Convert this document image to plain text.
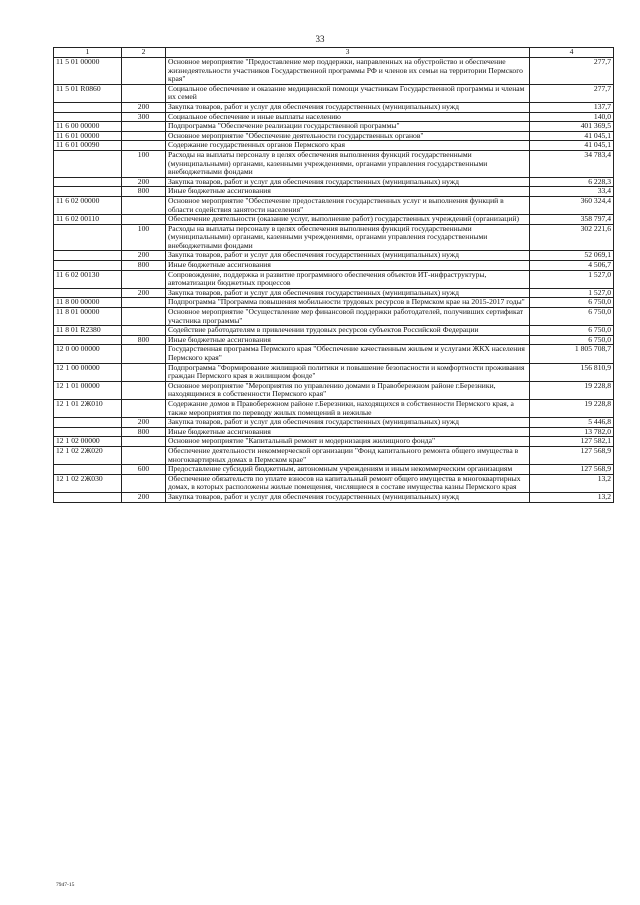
33
1	2	3	4
11 5 01 00000		Основное мероприятие "Предоставление мер поддержки, направленных на обустройство и обеспечение жизнедеятельности участников Государственной программы РФ и членов их семьи на территории Пермского края"	277,7
11 5 01 R0860		Социальное обеспечение и оказание медицинской помощи участникам Государственной программы и членам их семей	277,7
	200	Закупка товаров, работ и услуг для обеспечения государственных (муниципальных) нужд	137,7
	300	Социальное обеспечение и иные выплаты населению	140,0
11 6 00 00000		Подпрограмма "Обеспечение реализации государственной программы"	401 369,5
11 6 01 00000		Основное мероприятие "Обеспечение деятельности государственных органов"	41 045,1
11 6 01 00090		Содержание государственных органов Пермского края	41 045,1
	100	Расходы на выплаты персоналу в целях обеспечения выполнения функций государственными (муниципальными) органами, казенными учреждениями, органами управления государственными внебюджетными фондами	34 783,4
	200	Закупка товаров, работ и услуг для обеспечения государственных (муниципальных) нужд	6 228,3
	800	Иные бюджетные ассигнования	33,4
11 6 02 00000		Основное мероприятие "Обеспечение предоставления государственных услуг и выполнения функций в области содействия занятости населения"	360 324,4
11 6 02 00110		Обеспечение деятельности (оказание услуг, выполнение работ) государственных учреждений (организаций)	358 797,4
	100	Расходы на выплаты персоналу в целях обеспечения выполнения функций государственными (муниципальными) органами, казенными учреждениями, органами управления государственными внебюджетными фондами	302 221,6
	200	Закупка товаров, работ и услуг для обеспечения государственных (муниципальных) нужд	52 069,1
	800	Иные бюджетные ассигнования	4 506,7
11 6 02 00130		Сопровождение, поддержка и развитие программного обеспечения объектов ИТ-инфраструктуры, автоматизации бюджетных процессов	1 527,0
	200	Закупка товаров, работ и услуг для обеспечения государственных (муниципальных) нужд	1 527,0
11 8 00 00000		Подпрограмма "Программа повышения мобильности трудовых ресурсов в Пермском крае на 2015-2017 годы"	6 750,0
11 8 01 00000		Основное мероприятие "Осуществление мер финансовой поддержки работодателей, получивших сертификат участника программы"	6 750,0
11 8 01 R2380		Содействие работодателям в привлечении трудовых ресурсов субъектов Российской Федерации	6 750,0
	800	Иные бюджетные ассигнования	6 750,0
12 0 00 00000		Государственная программа Пермского края "Обеспечение качественным жильем и услугами ЖКХ населения Пермского края"	1 805 708,7
12 1 00 00000		Подпрограмма "Формирование жилищной политики и повышение безопасности и комфортности проживания граждан Пермского края в жилищном фонде"	156 810,9
12 1 01 00000		Основное мероприятие "Мероприятия по управлению домами в Правобережном районе г.Березники, находящимися в собственности Пермского края"	19 228,8
12 1 01 2Ж010		Содержание домов в Правобережном районе г.Березники, находящихся в собственности Пермского края, а также мероприятия по переводу жилых помещений в нежилые	19 228,8
	200	Закупка товаров, работ и услуг для обеспечения государственных (муниципальных) нужд	5 446,8
	800	Иные бюджетные ассигнования	13 782,0
12 1 02 00000		Основное мероприятие "Капитальный ремонт и модернизация жилищного фонда"	127 582,1
12 1 02 2Ж020		Обеспечение деятельности некоммерческой организации "Фонд капитального ремонта общего имущества в многоквартирных домах в Пермском крае"	127 568,9
	600	Предоставление субсидий бюджетным, автономным учреждениям и иным некоммерческим организациям	127 568,9
12 1 02 2Ж030		Обеспечение обязательств по уплате взносов на капитальный ремонт общего имущества в многоквартирных домах, в которых расположены жилые помещения, числящиеся в составе имущества казны Пермского края	13,2
	200	Закупка товаров, работ и услуг для обеспечения государственных (муниципальных) нужд	13,2
7947-15
